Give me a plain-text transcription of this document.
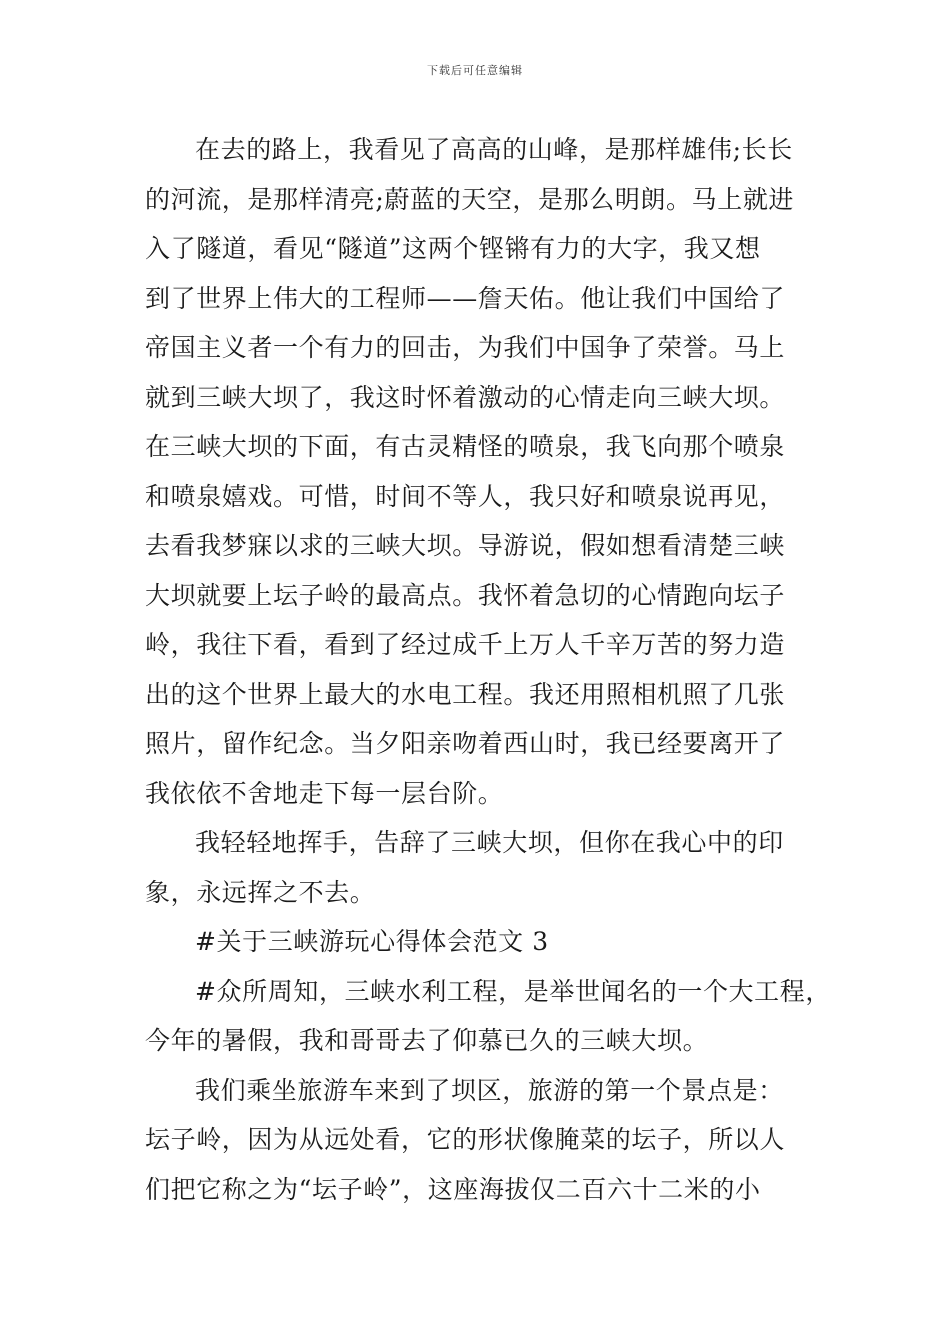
下载后可任意编辑
在去的路上，我看见了高高的山峰，是那样雄伟;长长
的河流，是那样清亮;蔚蓝的天空，是那么明朗。马上就进
入了隧道，看见“隧道”这两个铿锵有力的大字，我又想
到了世界上伟大的工程师——詹天佑。他让我们中国给了
帝国主义者一个有力的回击，为我们中国争了荣誉。马上
就到三峡大坝了，我这时怀着激动的心情走向三峡大坝。
在三峡大坝的下面，有古灵精怪的喷泉，我飞向那个喷泉
和喷泉嬉戏。可惜，时间不等人，我只好和喷泉说再见，
去看我梦寐以求的三峡大坝。导游说，假如想看清楚三峡
大坝就要上坛子岭的最高点。我怀着急切的心情跑向坛子
岭，我往下看，看到了经过成千上万人千辛万苦的努力造
出的这个世界上最大的水电工程。我还用照相机照了几张
照片，留作纪念。当夕阳亲吻着西山时，我已经要离开了
我依依不舍地走下每一层台阶。
我轻轻地挥手，告辞了三峡大坝，但你在我心中的印
象，永远挥之不去。
#关于三峡游玩心得体会范文 3
#众所周知，三峡水利工程，是举世闻名的一个大工程，
今年的暑假，我和哥哥去了仰慕已久的三峡大坝。
我们乘坐旅游车来到了坝区，旅游的第一个景点是：
坛子岭，因为从远处看，它的形状像腌菜的坛子，所以人
们把它称之为“坛子岭”，这座海拔仅二百六十二米的小
